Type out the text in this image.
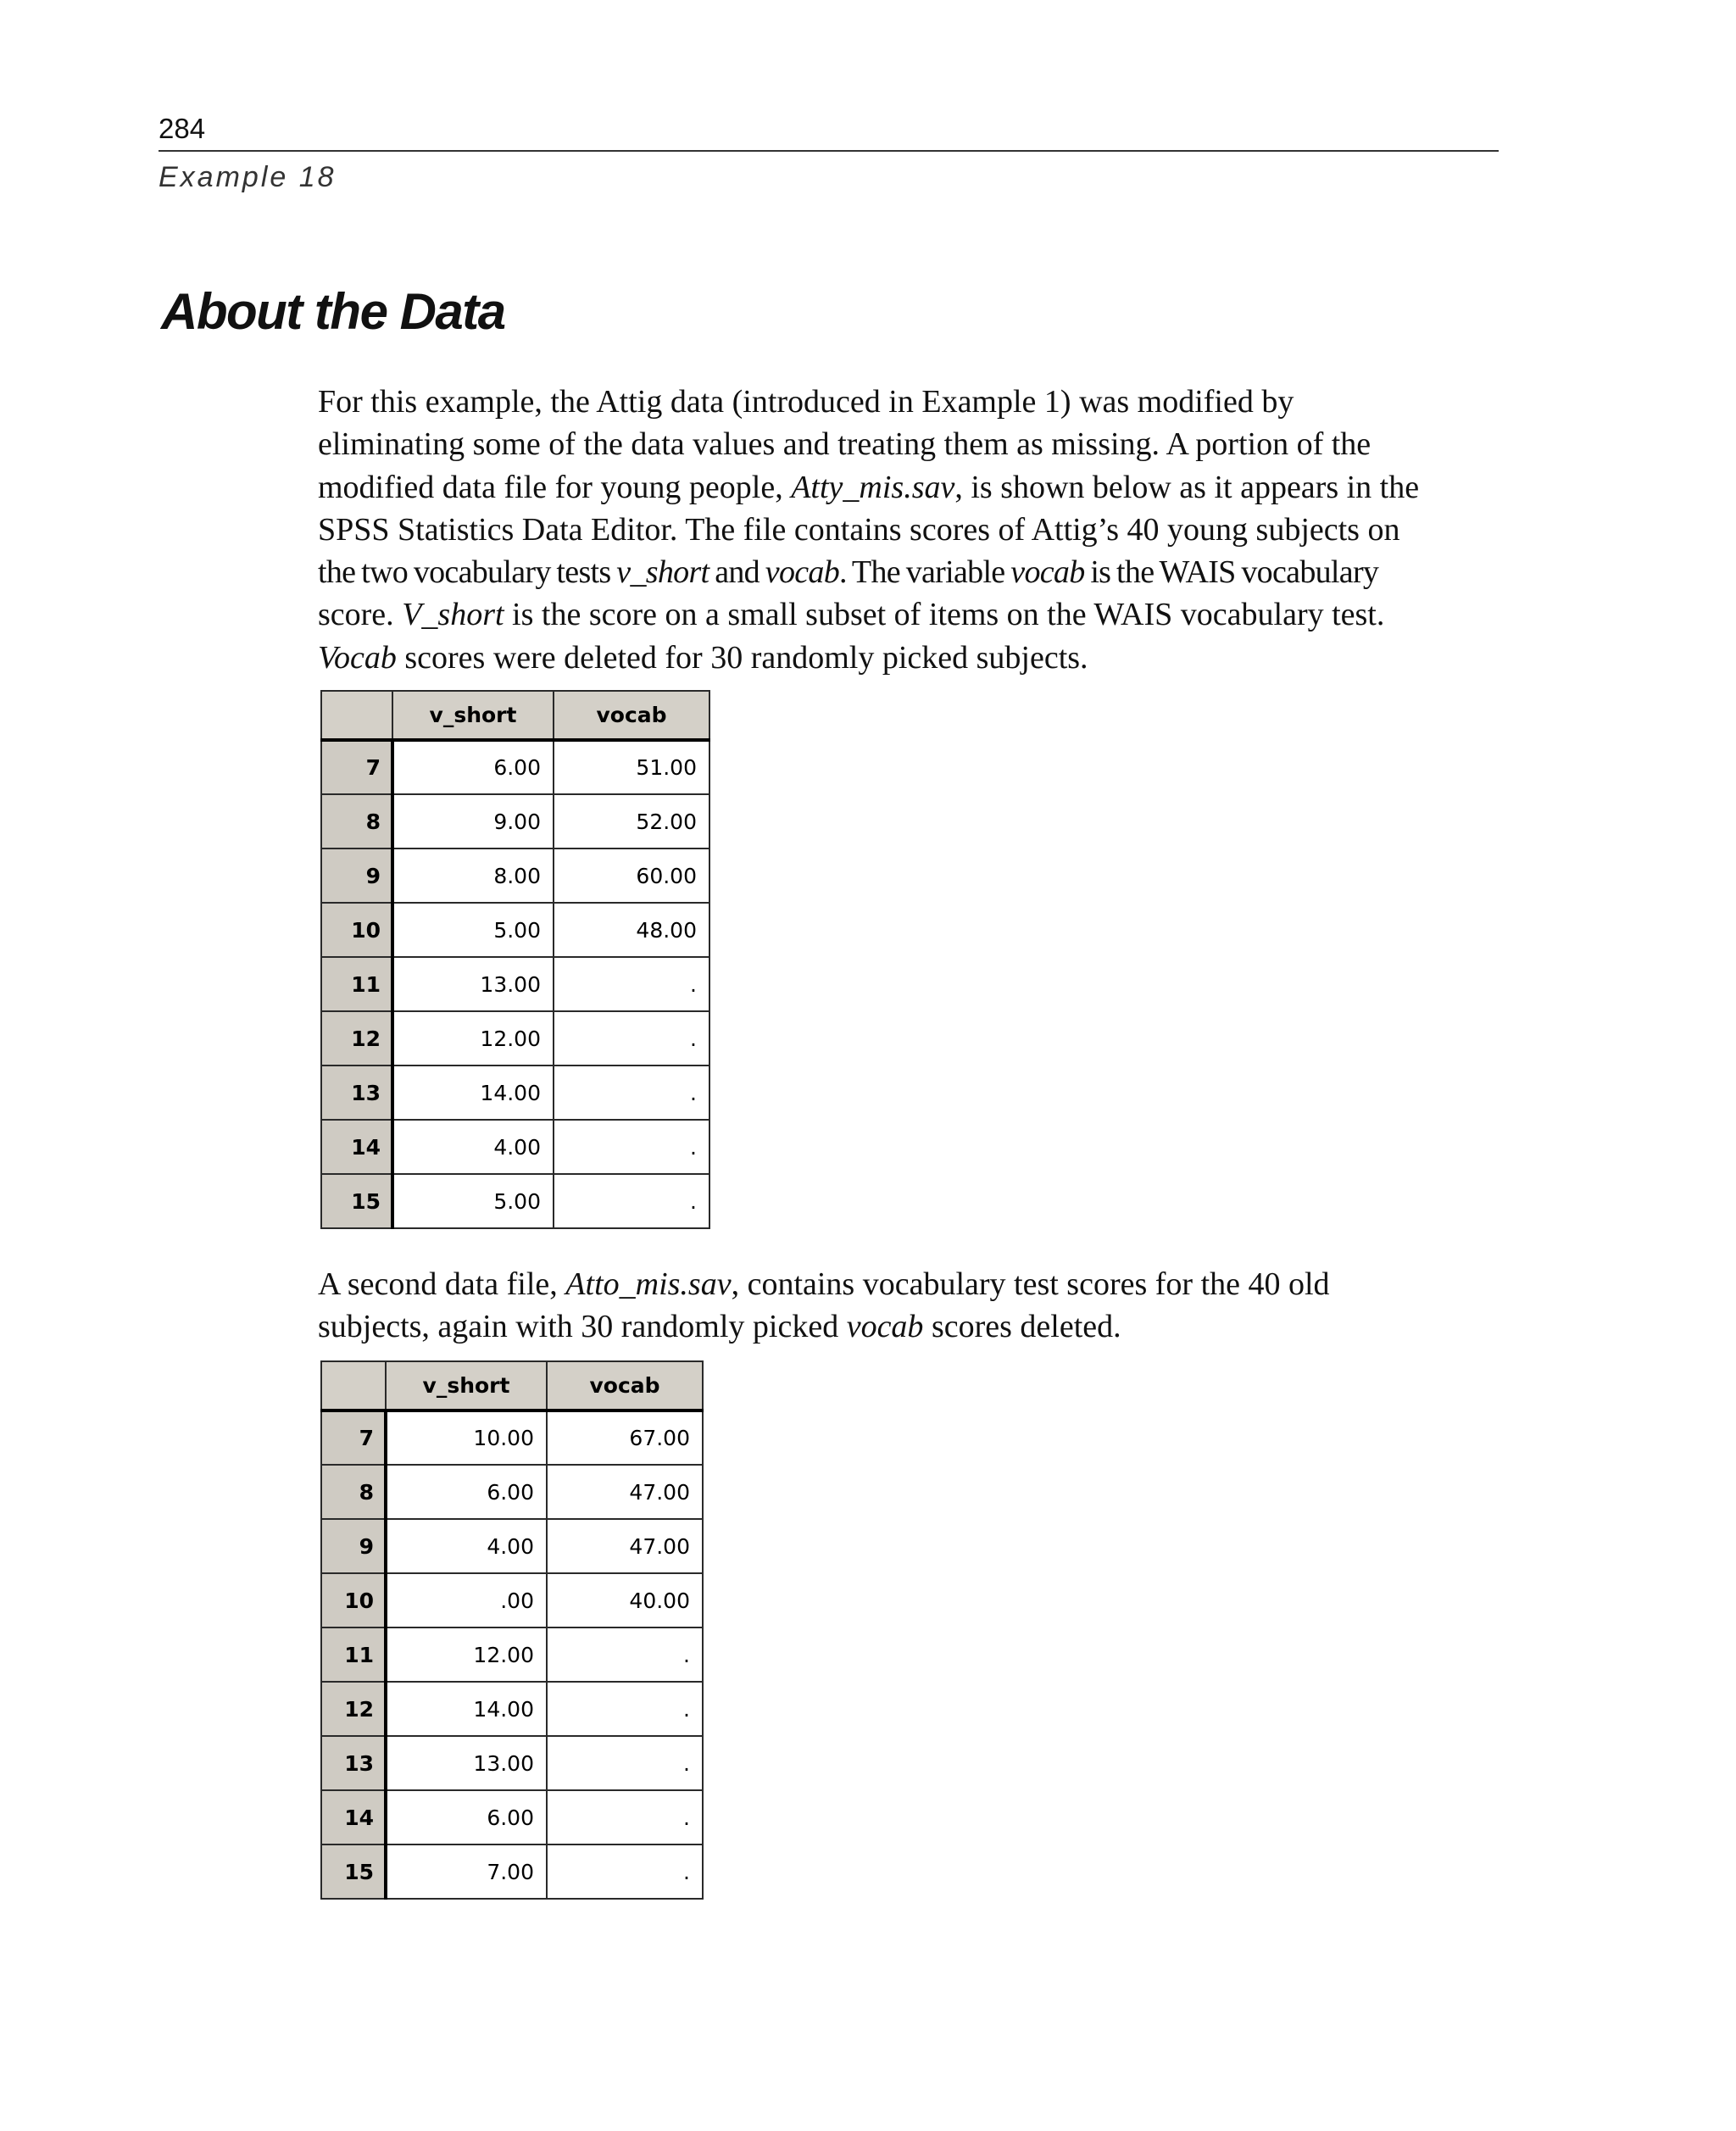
284
Example 18
About the Data

For this example, the Attig data (introduced in Example 1) was modified by
eliminating some of the data values and treating them as missing. A portion of the
modified data file for young people, Atty_mis.sav, is shown below as it appears in the
SPSS Statistics Data Editor. The file contains scores of Attig’s 40 young subjects on
the two vocabulary tests v_short and vocab. The variable vocab is the WAIS vocabulary
score. V_short is the score on a small subset of items on the WAIS vocabulary test.
Vocab scores were deleted for 30 randomly picked subjects.

	v_short	vocab
7	6.00	51.00
8	9.00	52.00
9	8.00	60.00
10	5.00	48.00
11	13.00	.
12	12.00	.
13	14.00	.
14	4.00	.
15	5.00	.

A second data file, Atto_mis.sav, contains vocabulary test scores for the 40 old
subjects, again with 30 randomly picked vocab scores deleted.

	v_short	vocab
7	10.00	67.00
8	6.00	47.00
9	4.00	47.00
10	.00	40.00
11	12.00	.
12	14.00	.
13	13.00	.
14	6.00	.
15	7.00	.
